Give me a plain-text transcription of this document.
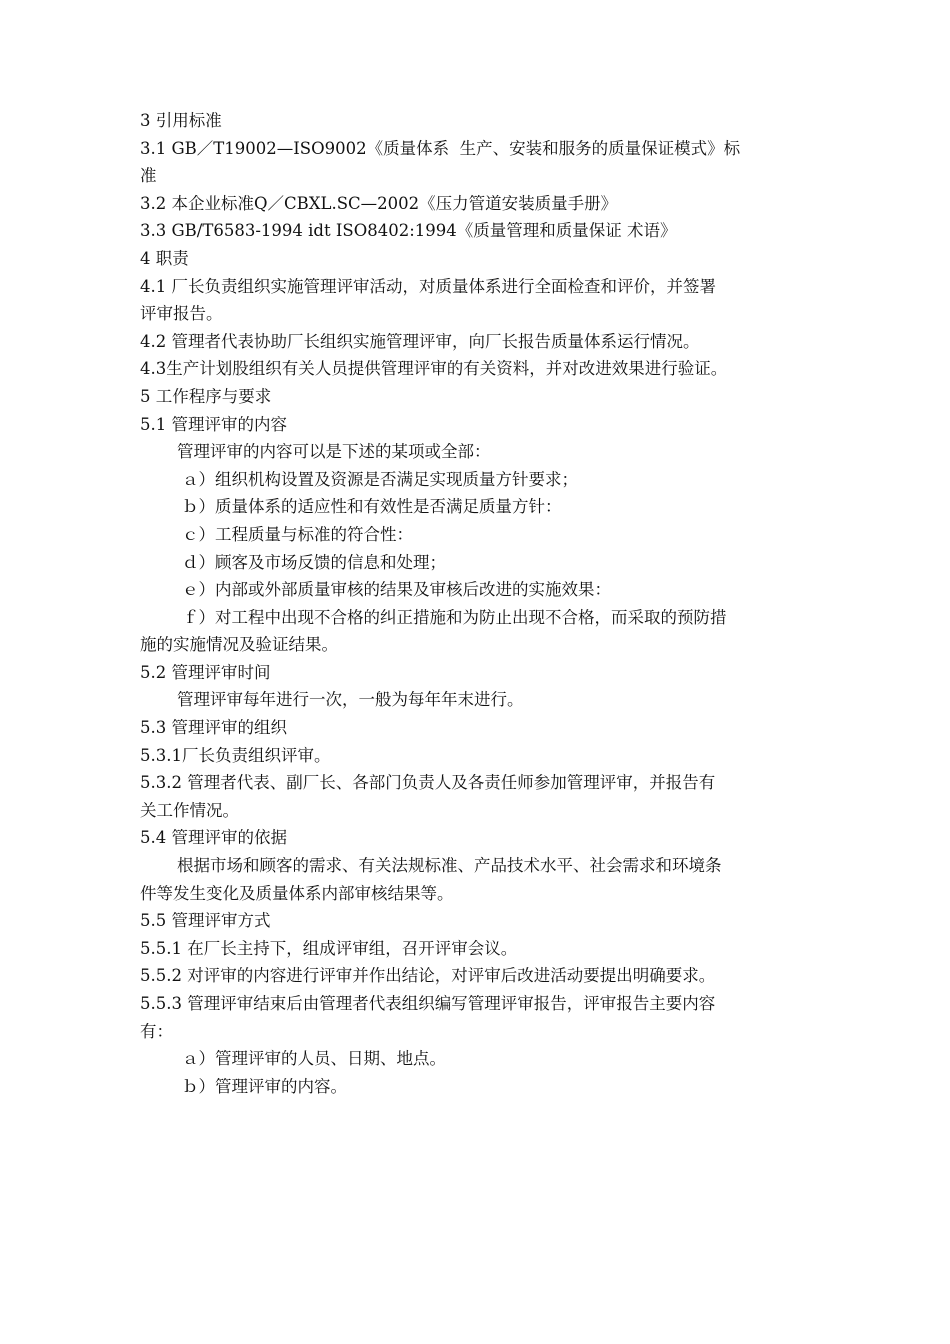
3 引用标准
3.1 GB／T19002—ISO9002《质量体系  生产、安装和服务的质量保证模式》标
准
3.2 本企业标准Q／CBXL.SC—2002《压力管道安装质量手册》
3.3 GB/T6583-1994 idt ISO8402:1994《质量管理和质量保证 术语》
4 职责
4.1 厂长负责组织实施管理评审活动，对质量体系进行全面检查和评价，并签署
评审报告。
4.2 管理者代表协助厂长组织实施管理评审，向厂长报告质量体系运行情况。
4.3生产计划股组织有关人员提供管理评审的有关资料，并对改进效果进行验证。
5 工作程序与要求
5.1 管理评审的内容
管理评审的内容可以是下述的某项或全部：
ａ）组织机构设置及资源是否满足实现质量方针要求；
ｂ）质量体系的适应性和有效性是否满足质量方针：
ｃ）工程质量与标准的符合性：
ｄ）顾客及市场反馈的信息和处理；
ｅ）内部或外部质量审核的结果及审核后改进的实施效果：
ｆ）对工程中出现不合格的纠正措施和为防止出现不合格，而采取的预防措
施的实施情况及验证结果。
5.2 管理评审时间
管理评审每年进行一次，一般为每年年末进行。
5.3 管理评审的组织
5.3.1厂长负责组织评审。
5.3.2 管理者代表、副厂长、各部门负责人及各责任师参加管理评审，并报告有
关工作情况。
5.4 管理评审的依据
根据市场和顾客的需求、有关法规标准、产品技术水平、社会需求和环境条
件等发生变化及质量体系内部审核结果等。
5.5 管理评审方式
5.5.1 在厂长主持下，组成评审组，召开评审会议。
5.5.2 对评审的内容进行评审并作出结论，对评审后改进活动要提出明确要求。
5.5.3 管理评审结束后由管理者代表组织编写管理评审报告，评审报告主要内容
有：
ａ）管理评审的人员、日期、地点。
ｂ）管理评审的内容。
